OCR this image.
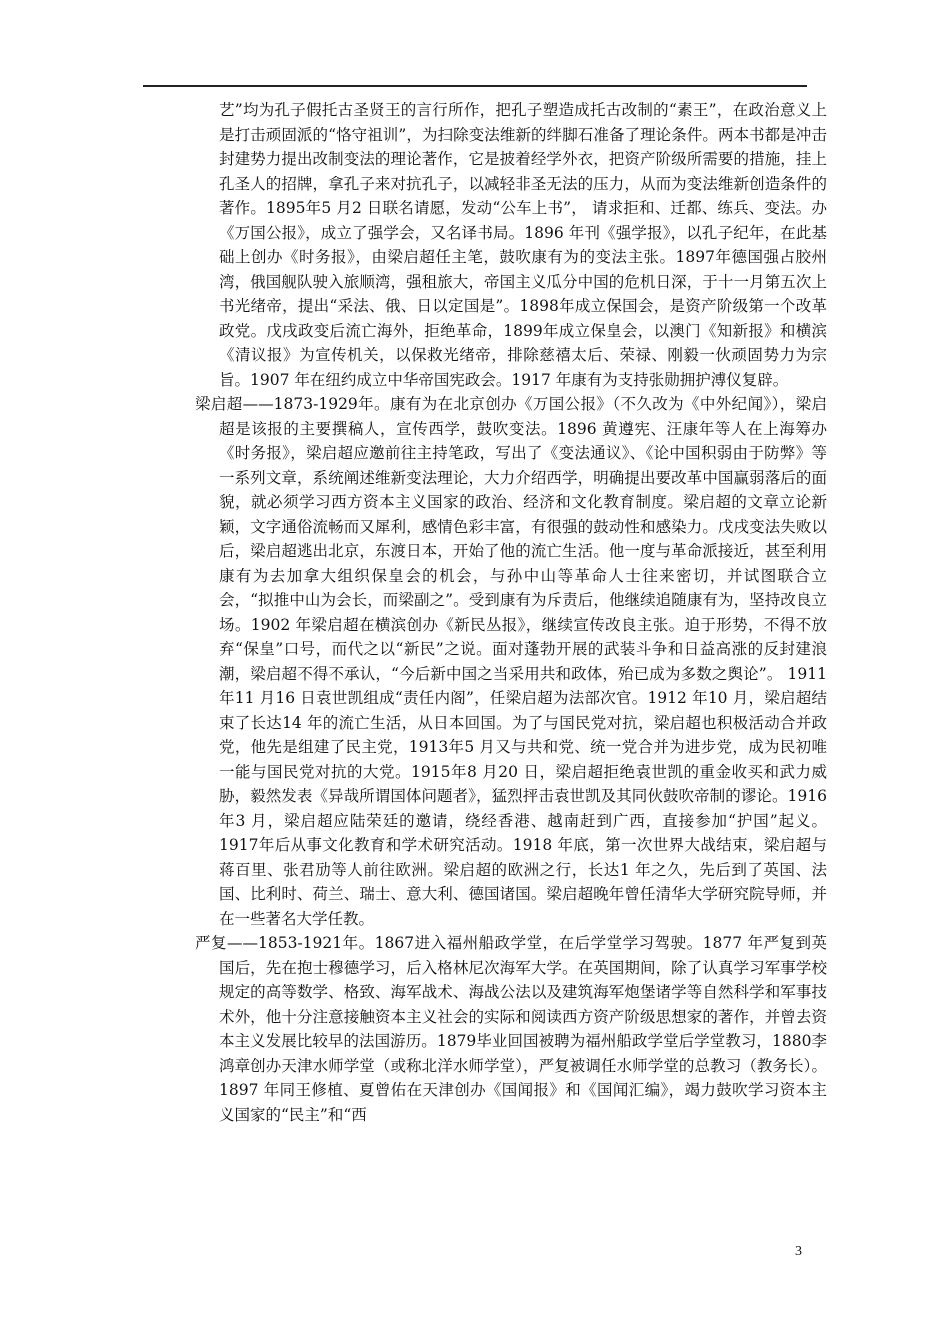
艺”均为孔子假托古圣贤王的言行所作，把孔子塑造成托古改制的“素王”，在政治意义上是打击顽固派的“恪守祖训”，为扫除变法维新的绊脚石准备了理论条件。两本书都是冲击封建势力提出改制变法的理论著作，它是披着经学外衣，把资产阶级所需要的措施，挂上孔圣人的招牌，拿孔子来对抗孔子，以减轻非圣无法的压力，从而为变法维新创造条件的著作。1895年5 月2 日联名请愿，发动“公车上书”， 请求拒和、迁都、练兵、变法。办《万国公报》，成立了强学会，又名译书局。1896 年刊《强学报》，以孔子纪年，在此基础上创办《时务报》，由梁启超任主笔，鼓吹康有为的变法主张。1897年德国强占胶州湾，俄国舰队驶入旅顺湾，强租旅大，帝国主义瓜分中国的危机日深，于十一月第五次上书光绪帝，提出“采法、俄、日以定国是”。1898年成立保国会，是资产阶级第一个改革政党。戊戌政变后流亡海外，拒绝革命，1899年成立保皇会，以澳门《知新报》和横滨《清议报》为宣传机关，以保救光绪帝，排除慈禧太后、荣禄、刚毅一伙顽固势力为宗旨。1907 年在纽约成立中华帝国宪政会。1917 年康有为支持张勋拥护溥仪复辟。

梁启超——1873-1929年。康有为在北京创办《万国公报》（不久改为《中外纪闻》），梁启超是该报的主要撰稿人，宣传西学，鼓吹变法。1896 黄遵宪、汪康年等人在上海筹办《时务报》，梁启超应邀前往主持笔政，写出了《变法通议》、《论中国积弱由于防弊》等一系列文章，系统阐述维新变法理论，大力介绍西学，明确提出要改革中国赢弱落后的面貌，就必须学习西方资本主义国家的政治、经济和文化教育制度。梁启超的文章立论新颖，文字通俗流畅而又犀利，感情色彩丰富，有很强的鼓动性和感染力。戊戌变法失败以后，梁启超逃出北京，东渡日本，开始了他的流亡生活。他一度与革命派接近，甚至利用康有为去加拿大组织保皇会的机会，与孙中山等革命人士往来密切，并试图联合立会，“拟推中山为会长，而梁副之”。受到康有为斥责后，他继续追随康有为，坚持改良立场。1902 年梁启超在横滨创办《新民丛报》，继续宣传改良主张。迫于形势，不得不放弃“保皇”口号，而代之以“新民”之说。面对蓬勃开展的武装斗争和日益高涨的反封建浪潮，梁启超不得不承认，“今后新中国之当采用共和政体，殆已成为多数之舆论”。 1911 年11 月16 日袁世凯组成“责任内阁”，任梁启超为法部次官。1912 年10 月，梁启超结束了长达14 年的流亡生活，从日本回国。为了与国民党对抗，梁启超也积极活动合并政党，他先是组建了民主党，1913年5 月又与共和党、统一党合并为进步党，成为民初唯一能与国民党对抗的大党。1915年8 月20 日，梁启超拒绝袁世凯的重金收买和武力威胁，毅然发表《异哉所谓国体问题者》，猛烈抨击袁世凯及其同伙鼓吹帝制的谬论。1916 年3 月，梁启超应陆荣廷的邀请，绕经香港、越南赶到广西，直接参加“护国”起义。1917年后从事文化教育和学术研究活动。1918 年底，第一次世界大战结束，梁启超与蒋百里、张君劢等人前往欧洲。梁启超的欧洲之行，长达1 年之久，先后到了英国、法国、比利时、荷兰、瑞士、意大利、德国诸国。梁启超晚年曾任清华大学研究院导师，并在一些著名大学任教。

严复——1853-1921年。1867进入福州船政学堂，在后学堂学习驾驶。1877 年严复到英国后，先在抱士穆德学习，后入格林尼次海军大学。在英国期间，除了认真学习军事学校规定的高等数学、格致、海军战术、海战公法以及建筑海军炮堡诸学等自然科学和军事技术外，他十分注意接触资本主义社会的实际和阅读西方资产阶级思想家的著作，并曾去资本主义发展比较早的法国游历。1879毕业回国被聘为福州船政学堂后学堂教习，1880李鸿章创办天津水师学堂（或称北洋水师学堂），严复被调任水师学堂的总教习（教务长）。1897 年同王修植、夏曾佑在天津创办《国闻报》和《国闻汇编》，竭力鼓吹学习资本主义国家的“民主”和“西

3
